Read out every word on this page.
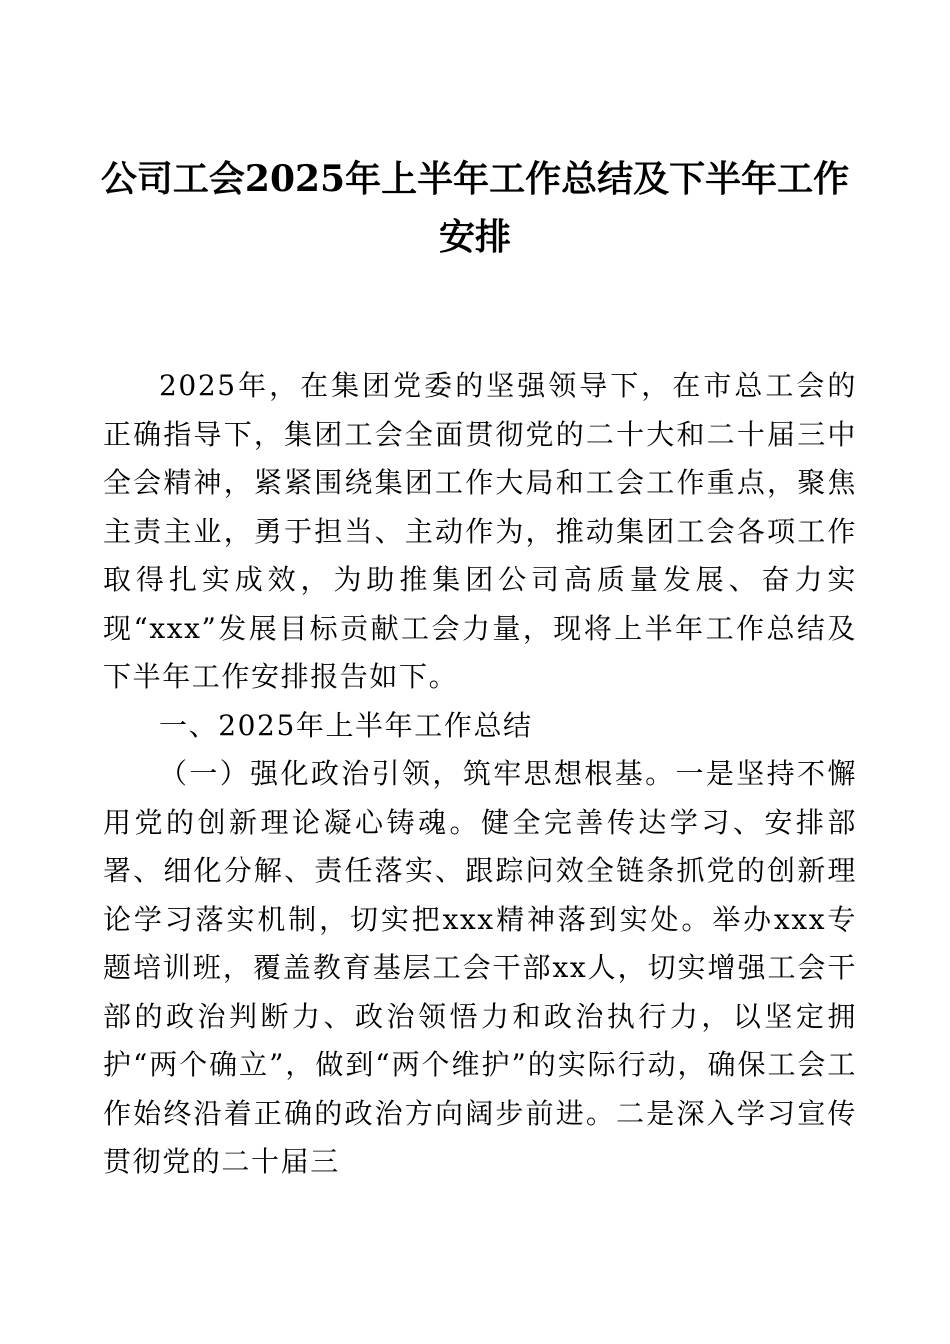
公司工会2025年上半年工作总结及下半年工作安排

2025年，在集团党委的坚强领导下，在市总工会的正确指导下，集团工会全面贯彻党的二十大和二十届三中全会精神，紧紧围绕集团工作大局和工会工作重点，聚焦主责主业，勇于担当、主动作为，推动集团工会各项工作取得扎实成效，为助推集团公司高质量发展、奋力实现“xxx”发展目标贡献工会力量，现将上半年工作总结及下半年工作安排报告如下。

一、2025年上半年工作总结

（一）强化政治引领，筑牢思想根基。一是坚持不懈用党的创新理论凝心铸魂。健全完善传达学习、安排部署、细化分解、责任落实、跟踪问效全链条抓党的创新理论学习落实机制，切实把xxx精神落到实处。举办xxx专题培训班，覆盖教育基层工会干部xx人，切实增强工会干部的政治判断力、政治领悟力和政治执行力，以坚定拥护“两个确立”，做到“两个维护”的实际行动，确保工会工作始终沿着正确的政治方向阔步前进。二是深入学习宣传贯彻党的二十届三
